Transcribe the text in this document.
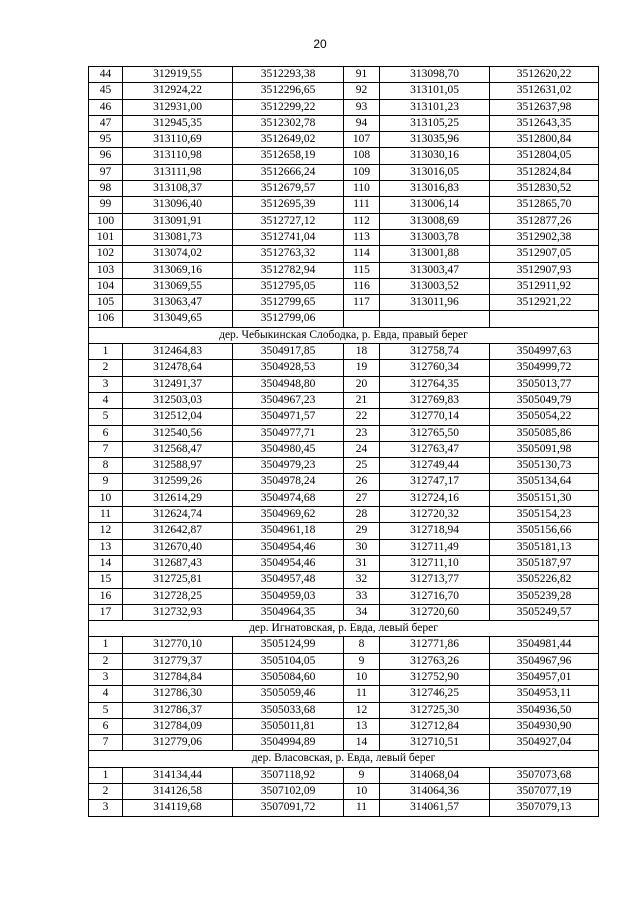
20
44	312919,55	3512293,38	91	313098,70	3512620,22
45	312924,22	3512296,65	92	313101,05	3512631,02
46	312931,00	3512299,22	93	313101,23	3512637,98
47	312945,35	3512302,78	94	313105,25	3512643,35
95	313110,69	3512649,02	107	313035,96	3512800,84
96	313110,98	3512658,19	108	313030,16	3512804,05
97	313111,98	3512666,24	109	313016,05	3512824,84
98	313108,37	3512679,57	110	313016,83	3512830,52
99	313096,40	3512695,39	111	313006,14	3512865,70
100	313091,91	3512727,12	112	313008,69	3512877,26
101	313081,73	3512741,04	113	313003,78	3512902,38
102	313074,02	3512763,32	114	313001,88	3512907,05
103	313069,16	3512782,94	115	313003,47	3512907,93
104	313069,55	3512795,05	116	313003,52	3512911,92
105	313063,47	3512799,65	117	313011,96	3512921,22
106	313049,65	3512799,06			
дер. Чебыкинская Слободка, р. Евда, правый берег					
1	312464,83	3504917,85	18	312758,74	3504997,63
2	312478,64	3504928,53	19	312760,34	3504999,72
3	312491,37	3504948,80	20	312764,35	3505013,77
4	312503,03	3504967,23	21	312769,83	3505049,79
5	312512,04	3504971,57	22	312770,14	3505054,22
6	312540,56	3504977,71	23	312765,50	3505085,86
7	312568,47	3504980,45	24	312763,47	3505091,98
8	312588,97	3504979,23	25	312749,44	3505130,73
9	312599,26	3504978,24	26	312747,17	3505134,64
10	312614,29	3504974,68	27	312724,16	3505151,30
11	312624,74	3504969,62	28	312720,32	3505154,23
12	312642,87	3504961,18	29	312718,94	3505156,66
13	312670,40	3504954,46	30	312711,49	3505181,13
14	312687,43	3504954,46	31	312711,10	3505187,97
15	312725,81	3504957,48	32	312713,77	3505226,82
16	312728,25	3504959,03	33	312716,70	3505239,28
17	312732,93	3504964,35	34	312720,60	3505249,57
дер. Игнатовская, р. Евда, левый берег					
1	312770,10	3505124,99	8	312771,86	3504981,44
2	312779,37	3505104,05	9	312763,26	3504967,96
3	312784,84	3505084,60	10	312752,90	3504957,01
4	312786,30	3505059,46	11	312746,25	3504953,11
5	312786,37	3505033,68	12	312725,30	3504936,50
6	312784,09	3505011,81	13	312712,84	3504930,90
7	312779,06	3504994,89	14	312710,51	3504927,04
дер. Власовская, р. Евда, левый берег					
1	314134,44	3507118,92	9	314068,04	3507073,68
2	314126,58	3507102,09	10	314064,36	3507077,19
3	314119,68	3507091,72	11	314061,57	3507079,13
